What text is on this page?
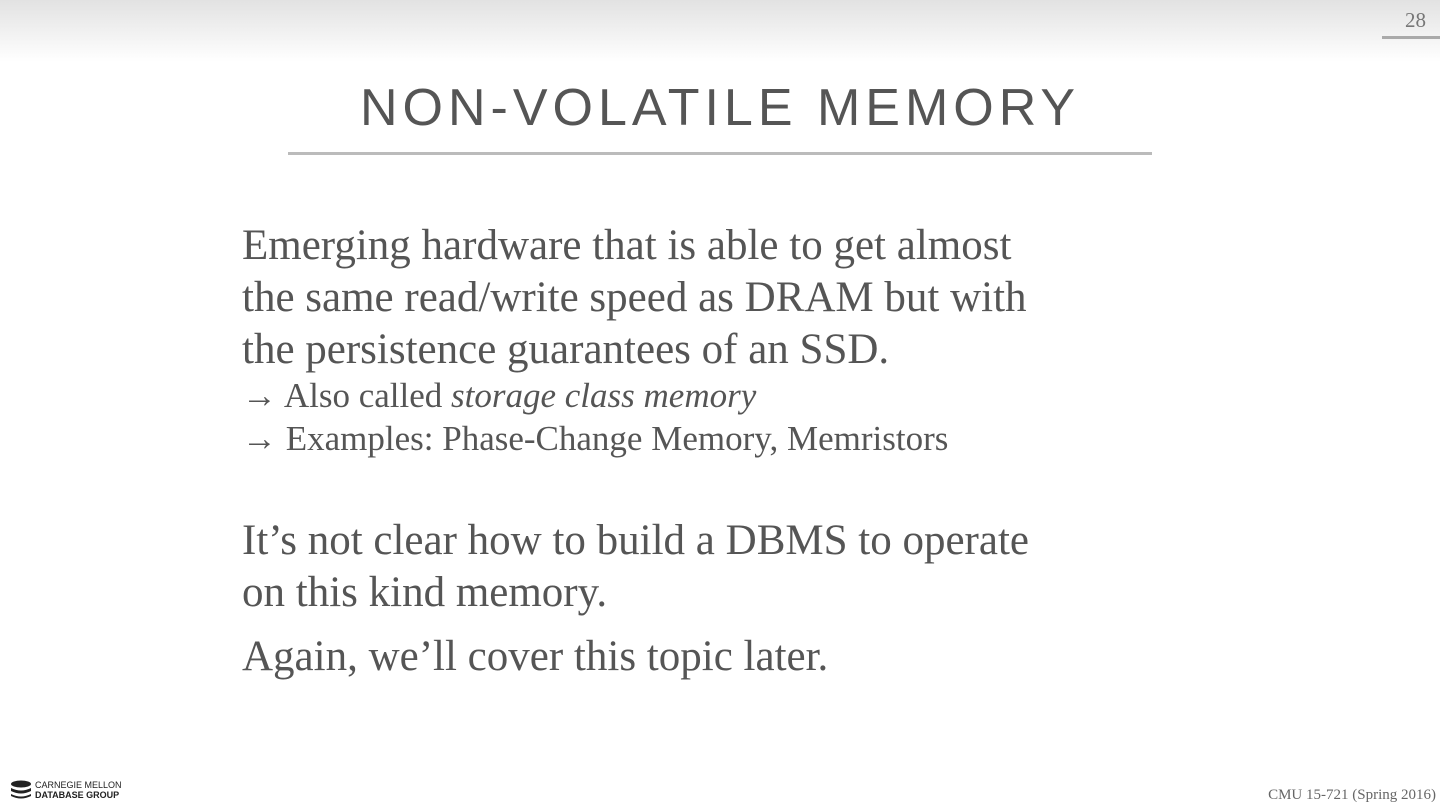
28
NON-VOLATILE MEMORY
Emerging hardware that is able to get almost
the same read/write speed as DRAM but with
the persistence guarantees of an SSD.
→ Also called storage class memory
→ Examples: Phase-Change Memory, Memristors
It’s not clear how to build a DBMS to operate
on this kind memory.
Again, we’ll cover this topic later.
CARNEGIE MELLON
DATABASE GROUP	CMU 15-721 (Spring 2016)
